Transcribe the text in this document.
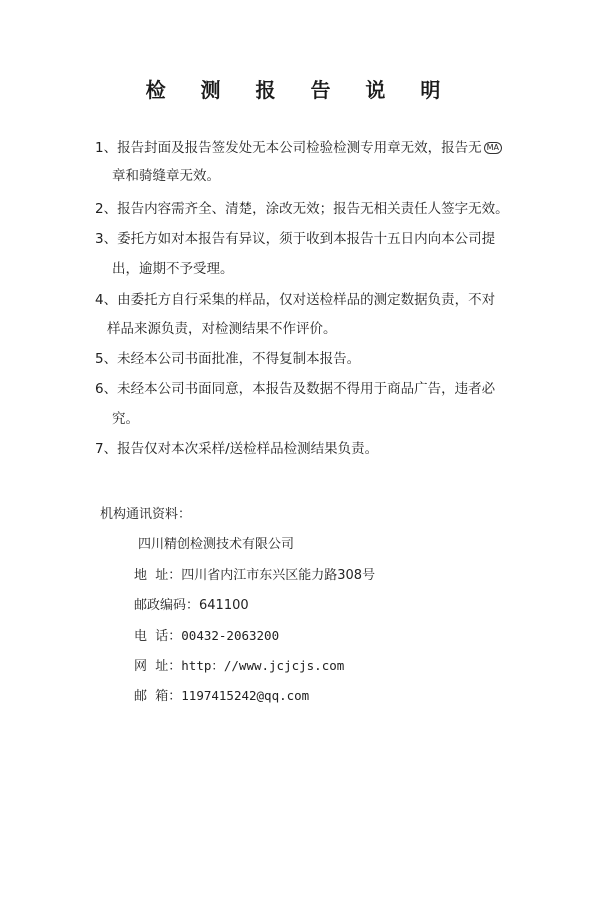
检 测 报 告 说 明
1、报告封面及报告签发处无本公司检验检测专用章无效，报告无 MA
章和骑缝章无效。
2、报告内容需齐全、清楚，涂改无效；报告无相关责任人签字无效。
3、委托方如对本报告有异议，须于收到本报告十五日内向本公司提
出，逾期不予受理。
4、由委托方自行采集的样品，仅对送检样品的测定数据负责，不对
样品来源负责，对检测结果不作评价。
5、未经本公司书面批准，不得复制本报告。
6、未经本公司书面同意，本报告及数据不得用于商品广告，违者必
究。
7、报告仅对本次采样/送检样品检测结果负责。
机构通讯资料：
四川精创检测技术有限公司
地  址：四川省内江市东兴区能力路308号
邮政编码：641100
电  话：00432-2063200
网  址：http：//www.jcjcjs.com
邮  箱：1197415242@qq.com
